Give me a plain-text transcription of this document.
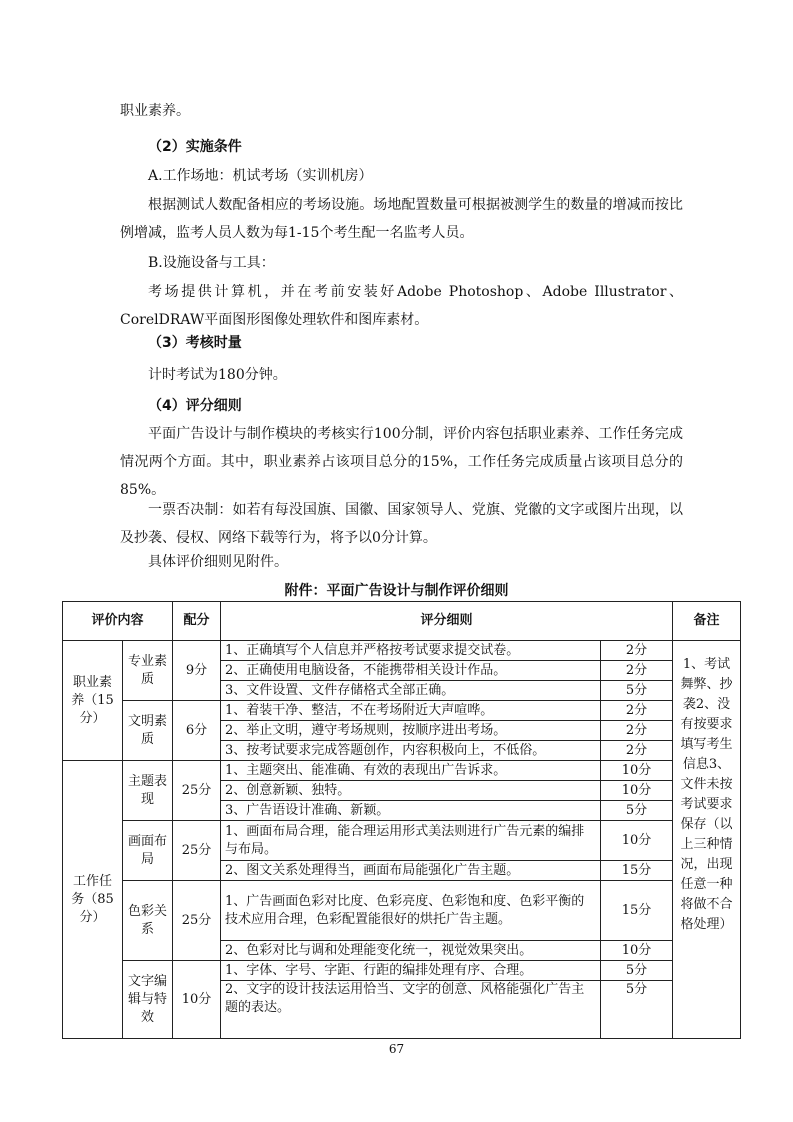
职业素养。

（2）实施条件

A.工作场地：机试考场（实训机房）

根据测试人数配备相应的考场设施。场地配置数量可根据被测学生的数量的增减而按比例增减，监考人员人数为每1-15个考生配一名监考人员。

B.设施设备与工具：

考场提供计算机，并在考前安装好Adobe Photoshop、Adobe Illustrator、CorelDRAW平面图形图像处理软件和图库素材。

（3）考核时量

计时考试为180分钟。

（4）评分细则

平面广告设计与制作模块的考核实行100分制，评价内容包括职业素养、工作任务完成情况两个方面。其中，职业素养占该项目总分的15%，工作任务完成质量占该项目总分的85%。

一票否决制：如若有每没国旗、国徽、国家领导人、党旗、党徽的文字或图片出现，以及抄袭、侵权、网络下载等行为，将予以0分计算。

具体评价细则见附件。

附件：平面广告设计与制作评价细则
评价内容		配分	评分细则		备注
职业素养（15分）	专业素质	9分	1、正确填写个人信息并严格按考试要求提交试卷。	2分	1、考试舞弊、抄袭2、没有按要求填写考生信息3、文件未按考试要求保存（以上三种情况，出现任意一种将做不合格处理）
			2、正确使用电脑设备，不能携带相关设计作品。	2分	
			3、文件设置、文件存储格式全部正确。	5分	
	文明素质	6分	1、着装干净、整洁，不在考场附近大声喧哗。	2分	
			2、举止文明，遵守考场规则，按顺序进出考场。	2分	
			3、按考试要求完成答题创作，内容积极向上，不低俗。	2分	
工作任务（85分）	主题表现	25分	1、主题突出、能准确、有效的表现出广告诉求。	10分	
			2、创意新颖、独特。	10分	
			3、广告语设计准确、新颖。	5分	
	画面布局	25分	1、画面布局合理，能合理运用形式美法则进行广告元素的编排与布局。	10分	
			2、图文关系处理得当，画面布局能强化广告主题。	15分	
	色彩关系	25分	1、广告画面色彩对比度、色彩亮度、色彩饱和度、色彩平衡的技术应用合理，色彩配置能很好的烘托广告主题。	15分	
			2、色彩对比与调和处理能变化统一，视觉效果突出。	10分	
	文字编辑与特效	10分	1、字体、字号、字距、行距的编排处理有序、合理。	5分	
			2、文字的设计技法运用恰当、文字的创意、风格能强化广告主题的表达。	5分	
67
